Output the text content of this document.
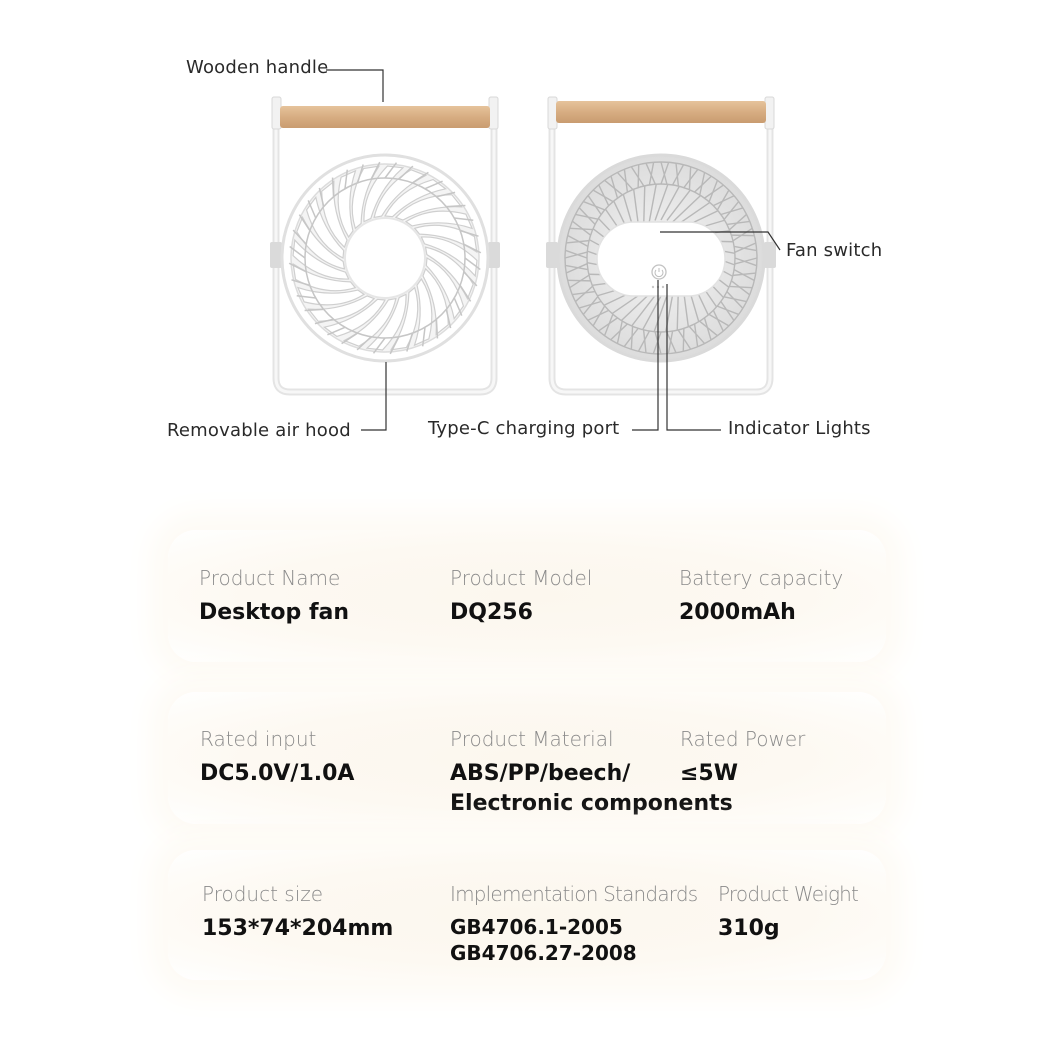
Wooden handle
Removable air hood
Fan switch
Type-C charging port	Indicator Lights
Product Name
Desktop fan
Product Model
DQ256
Battery capacity
2000mAh
Rated input
DC5.0V/1.0A
Product Material
ABS/PP/beech/
Electronic components
Rated Power
≤5W
Product size
153*74*204mm
Implementation Standards
GB4706.1-2005
GB4706.27-2008
Product Weight
310g
